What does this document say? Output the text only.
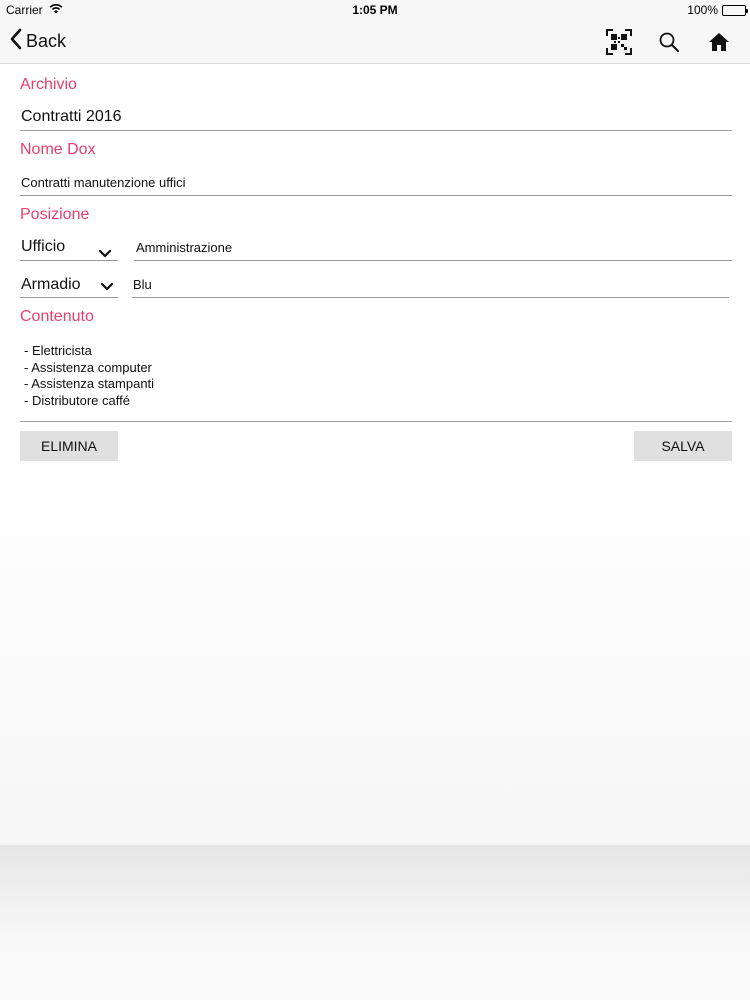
Carrier	1:05 PM	100%
Back
Archivio
Contratti 2016
Nome Dox
Contratti manutenzione uffici
Posizione
Ufficio	Amministrazione
Armadio	Blu
Contenuto
- Elettricista
- Assistenza computer
- Assistenza stampanti
- Distributore caffé
ELIMINA	SALVA
